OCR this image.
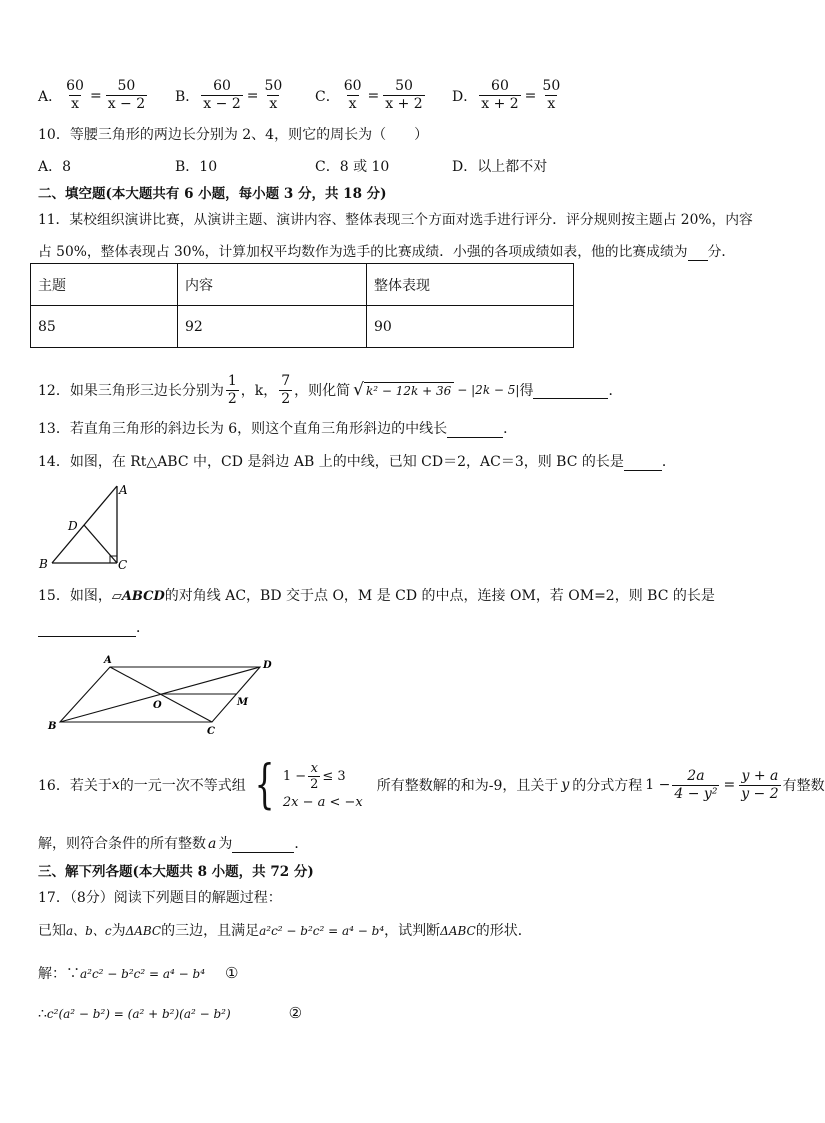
A． $\frac{60}{x} = \frac{50}{x - 2}$ B． $\frac{60}{x - 2} = \frac{50}{x}$ C． $\frac{60}{x} = \frac{50}{x + 2}$ D． $\frac{60}{x + 2} = \frac{50}{x}$
10．等腰三角形的两边长分别为 2、4，则它的周长为（　　）
A．8	B．10	C．8 或 10	D．以上都不对
二、填空题(本大题共有 6 小题，每小题 3 分，共 18 分)
11．某校组织演讲比赛，从演讲主题、演讲内容、整体表现三个方面对选手进行评分．评分规则按主题占 20%，内容
占 50%，整体表现占 30%，计算加权平均数作为选手的比赛成绩．小强的各项成绩如表，他的比赛成绩为 分．
主题	内容	整体表现
85	92	90
12．如果三角形三边长分别为 $\frac{1}{2}$ ，k， $\frac{7}{2}$ ，则化简 √ k² − 12k + 36 − |2k − 5| 得
	．
13．若直角三角形的斜边长为 6，则这个直角三角形斜边的中线长	．
14．如图，在 Rt△ABC 中，CD 是斜边 AB 上的中线，已知 CD＝2，AC＝3，则 BC 的长是	．
A
B	C
D
15．如图，▱ABCD的对角线 AC，BD 交于点 O，M 是 CD 的中点，连接 OM，若 OM=2，则 BC 的长是
．
A	D
B	C
O	M
16．若关于 x 的一元一次不等式组 { $1 - \frac{x}{2} \le 3$
2x − a < −x
所有整数解的和为-9，且关于 y 的分式方程 $1 - \frac{2a}{\text{4 − y²}} = \frac{y + a}{y - 2}$ 有整数
解，则符合条件的所有整数 a 为	．
三、解下列各题(本大题共 8 小题，共 72 分)
17．（8分）阅读下列题目的解题过程：
已知 a、b、c 为 ΔABC 的三边，且满足 a²c² − b²c² = a⁴ − b⁴ ，试判断 ΔABC 的形状．
解：∵ a²c² − b²c² = a⁴ − b⁴ ①
∴ c²(a² − b²) = (a² + b²)(a² − b²)	②
